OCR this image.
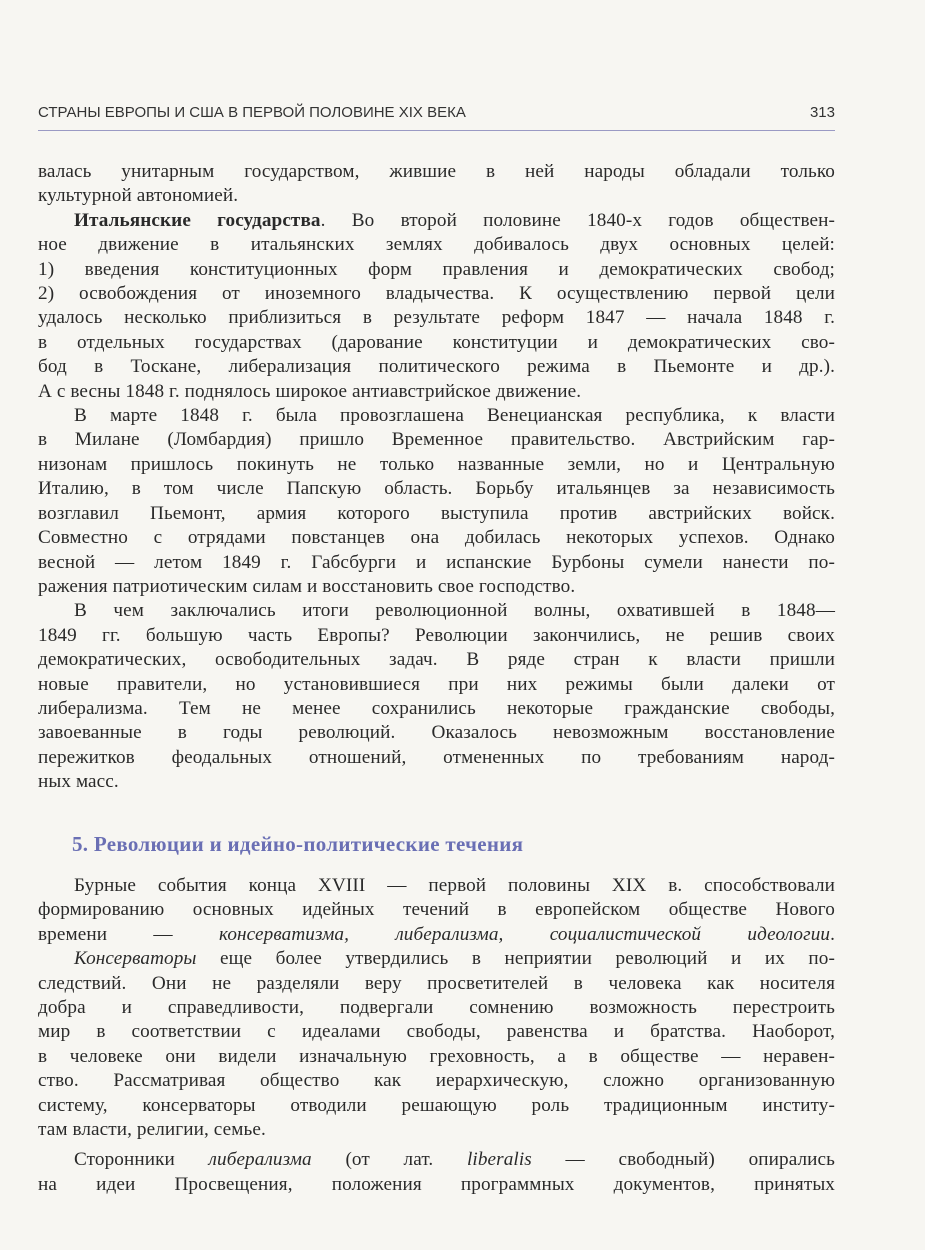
СТРАНЫ ЕВРОПЫ И США В ПЕРВОЙ ПОЛОВИНЕ XIX ВЕКА	313
валась унитарным государством, жившие в ней народы обладали только
культурной автономией.
Итальянские государства. Во второй половине 1840-х годов обществен-
ное движение в итальянских землях добивалось двух основных целей:
1) введения конституционных форм правления и демократических свобод;
2) освобождения от иноземного владычества. К осуществлению первой цели
удалось несколько приблизиться в результате реформ 1847 — начала 1848 г.
в отдельных государствах (дарование конституции и демократических сво-
бод в Тоскане, либерализация политического режима в Пьемонте и др.).
А с весны 1848 г. поднялось широкое антиавстрийское движение.
В марте 1848 г. была провозглашена Венецианская республика, к власти
в Милане (Ломбардия) пришло Временное правительство. Австрийским гар-
низонам пришлось покинуть не только названные земли, но и Центральную
Италию, в том числе Папскую область. Борьбу итальянцев за независимость
возглавил Пьемонт, армия которого выступила против австрийских войск.
Совместно с отрядами повстанцев она добилась некоторых успехов. Однако
весной — летом 1849 г. Габсбурги и испанские Бурбоны сумели нанести по-
ражения патриотическим силам и восстановить свое господство.
В чем заключались итоги революционной волны, охватившей в 1848—
1849 гг. большую часть Европы? Революции закончились, не решив своих
демократических, освободительных задач. В ряде стран к власти пришли
новые правители, но установившиеся при них режимы были далеки от
либерализма. Тем не менее сохранились некоторые гражданские свободы,
завоеванные в годы революций. Оказалось невозможным восстановление
пережитков феодальных отношений, отмененных по требованиям народ-
ных масс.
5. Революции и идейно-политические течения
Бурные события конца XVIII — первой половины XIX в. способствовали
формированию основных идейных течений в европейском обществе Нового
времени — консерватизма, либерализма, социалистической идеологии.
Консерваторы еще более утвердились в неприятии революций и их по-
следствий. Они не разделяли веру просветителей в человека как носителя
добра и справедливости, подвергали сомнению возможность перестроить
мир в соответствии с идеалами свободы, равенства и братства. Наоборот,
в человеке они видели изначальную греховность, а в обществе — неравен-
ство. Рассматривая общество как иерархическую, сложно организованную
систему, консерваторы отводили решающую роль традиционным институ-
там власти, религии, семье.
Сторонники либерализма (от лат. liberalis — свободный) опирались
на идеи Просвещения, положения программных документов, принятых
